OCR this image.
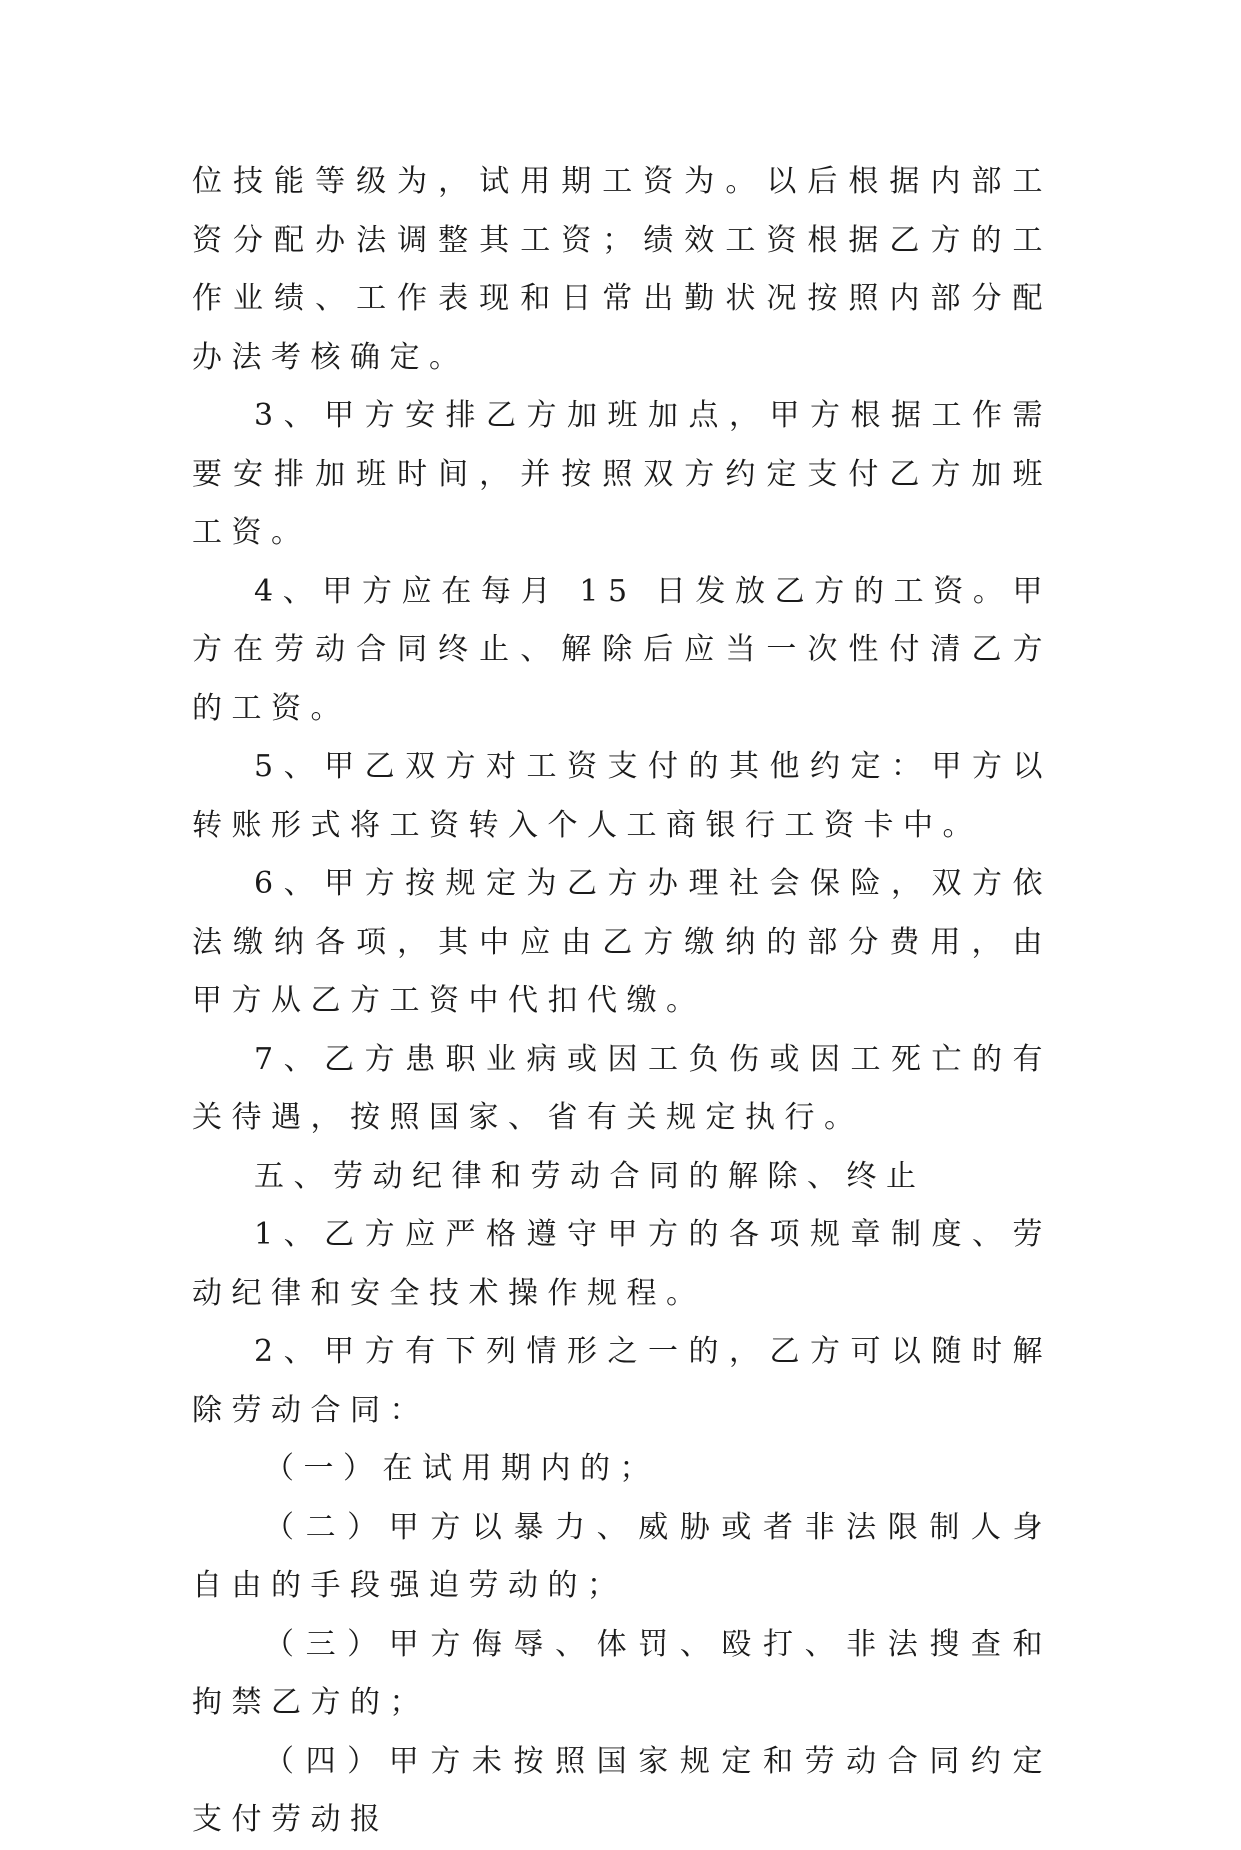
位技能等级为，试用期工资为。以后根据内部工资分配办法调整其工资；绩效工资根据乙方的工作业绩、工作表现和日常出勤状况按照内部分配办法考核确定。

3、甲方安排乙方加班加点，甲方根据工作需要安排加班时间，并按照双方约定支付乙方加班工资。

4、甲方应在每月 15 日发放乙方的工资。甲方在劳动合同终止、解除后应当一次性付清乙方的工资。

5、甲乙双方对工资支付的其他约定：甲方以转账形式将工资转入个人工商银行工资卡中。

6、甲方按规定为乙方办理社会保险，双方依法缴纳各项，其中应由乙方缴纳的部分费用，由甲方从乙方工资中代扣代缴。

7、乙方患职业病或因工负伤或因工死亡的有关待遇，按照国家、省有关规定执行。

五、劳动纪律和劳动合同的解除、终止

1、乙方应严格遵守甲方的各项规章制度、劳动纪律和安全技术操作规程。

2、甲方有下列情形之一的，乙方可以随时解除劳动合同：

（一）在试用期内的；

（二）甲方以暴力、威胁或者非法限制人身自由的手段强迫劳动的；

（三）甲方侮辱、体罚、殴打、非法搜查和拘禁乙方的；

（四）甲方未按照国家规定和劳动合同约定支付劳动报
